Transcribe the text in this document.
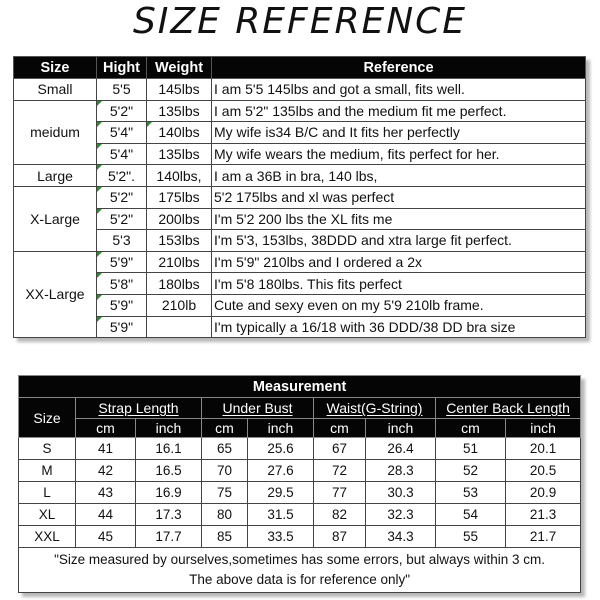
SIZE REFERENCE
Size	Hight	Weight	Reference
Small	5'5	145lbs	I am 5'5 145lbs and got a small, fits well.
meidum	5'2"	135lbs	I am 5'2" 135lbs and the medium fit me perfect.
	5'4"	140lbs	My wife is34 B/C and It fits her perfectly
	5'4"	135lbs	My wife wears the medium, fits perfect for her.
Large	5'2".	140lbs,	I am a 36B in bra, 140 lbs,
X-Large	5'2"	175lbs	5'2 175lbs and xl was perfect
	5'2"	200lbs	I'm 5'2 200 lbs the XL fits me
	5'3	153lbs	I'm 5'3, 153lbs, 38DDD and xtra large fit perfect.
XX-Large	5'9"	210lbs	I'm 5'9" 210lbs and I ordered a 2x
	5'8"	180lbs	I'm 5'8 180lbs. This fits perfect
	5'9"	210lb	Cute and sexy even on my 5'9 210lb frame.
	5'9"		I'm typically a 16/18 with 36 DDD/38 DD bra size
Measurement								
Size	Strap Length		Under Bust		Waist(G-String)		Center Back Length	
	cm	inch	cm	inch	cm	inch	cm	inch
S	41	16.1	65	25.6	67	26.4	51	20.1
M	42	16.5	70	27.6	72	28.3	52	20.5
L	43	16.9	75	29.5	77	30.3	53	20.9
XL	44	17.3	80	31.5	82	32.3	54	21.3
XXL	45	17.7	85	33.5	87	34.3	55	21.7
"Size measured by ourselves,sometimes has some errors, but always within 3 cm.
The above data is for reference only"								
